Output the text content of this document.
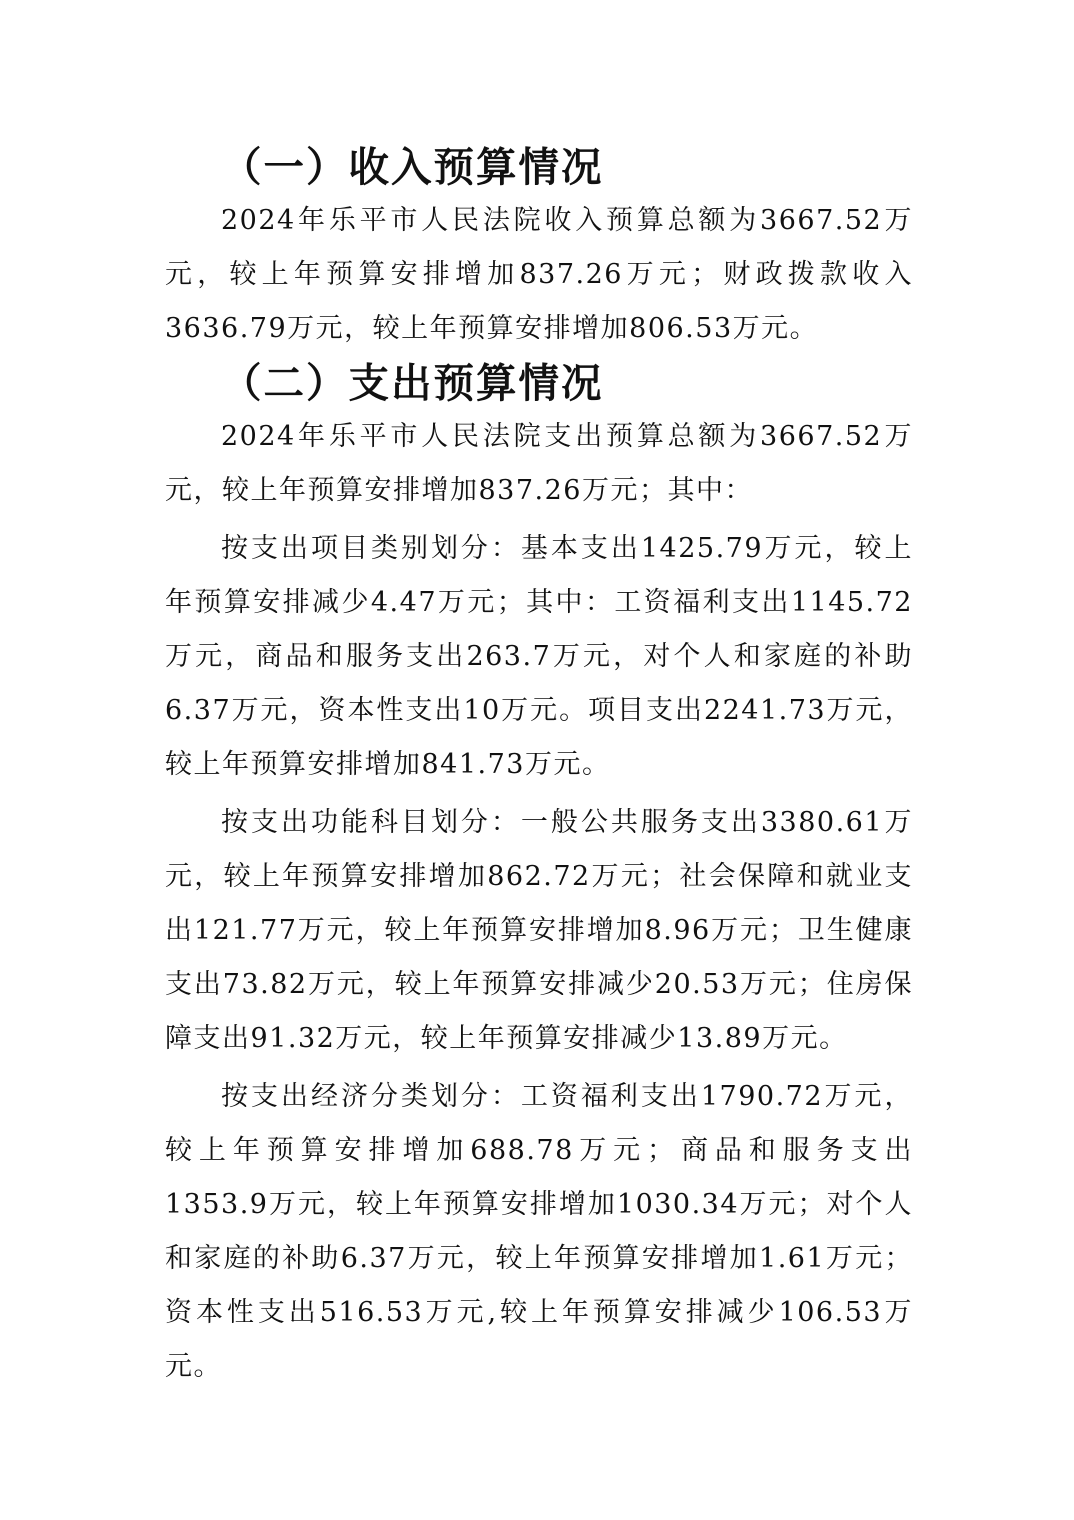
（一）收入预算情况

2024年乐平市人民法院收入预算总额为3667.52万元，较上年预算安排增加837.26万元；财政拨款收入3636.79万元，较上年预算安排增加806.53万元。

（二）支出预算情况

2024年乐平市人民法院支出预算总额为3667.52万元，较上年预算安排增加837.26万元；其中：

按支出项目类别划分：基本支出1425.79万元，较上年预算安排减少4.47万元；其中：工资福利支出1145.72万元，商品和服务支出263.7万元，对个人和家庭的补助6.37万元，资本性支出10万元。项目支出2241.73万元，较上年预算安排增加841.73万元。

按支出功能科目划分：一般公共服务支出3380.61万元，较上年预算安排增加862.72万元；社会保障和就业支出121.77万元，较上年预算安排增加8.96万元；卫生健康支出73.82万元，较上年预算安排减少20.53万元；住房保障支出91.32万元，较上年预算安排减少13.89万元。

按支出经济分类划分：工资福利支出1790.72万元，较上年预算安排增加688.78万元；商品和服务支出1353.9万元，较上年预算安排增加1030.34万元；对个人和家庭的补助6.37万元，较上年预算安排增加1.61万元；资本性支出516.53万元,较上年预算安排减少106.53万元。
